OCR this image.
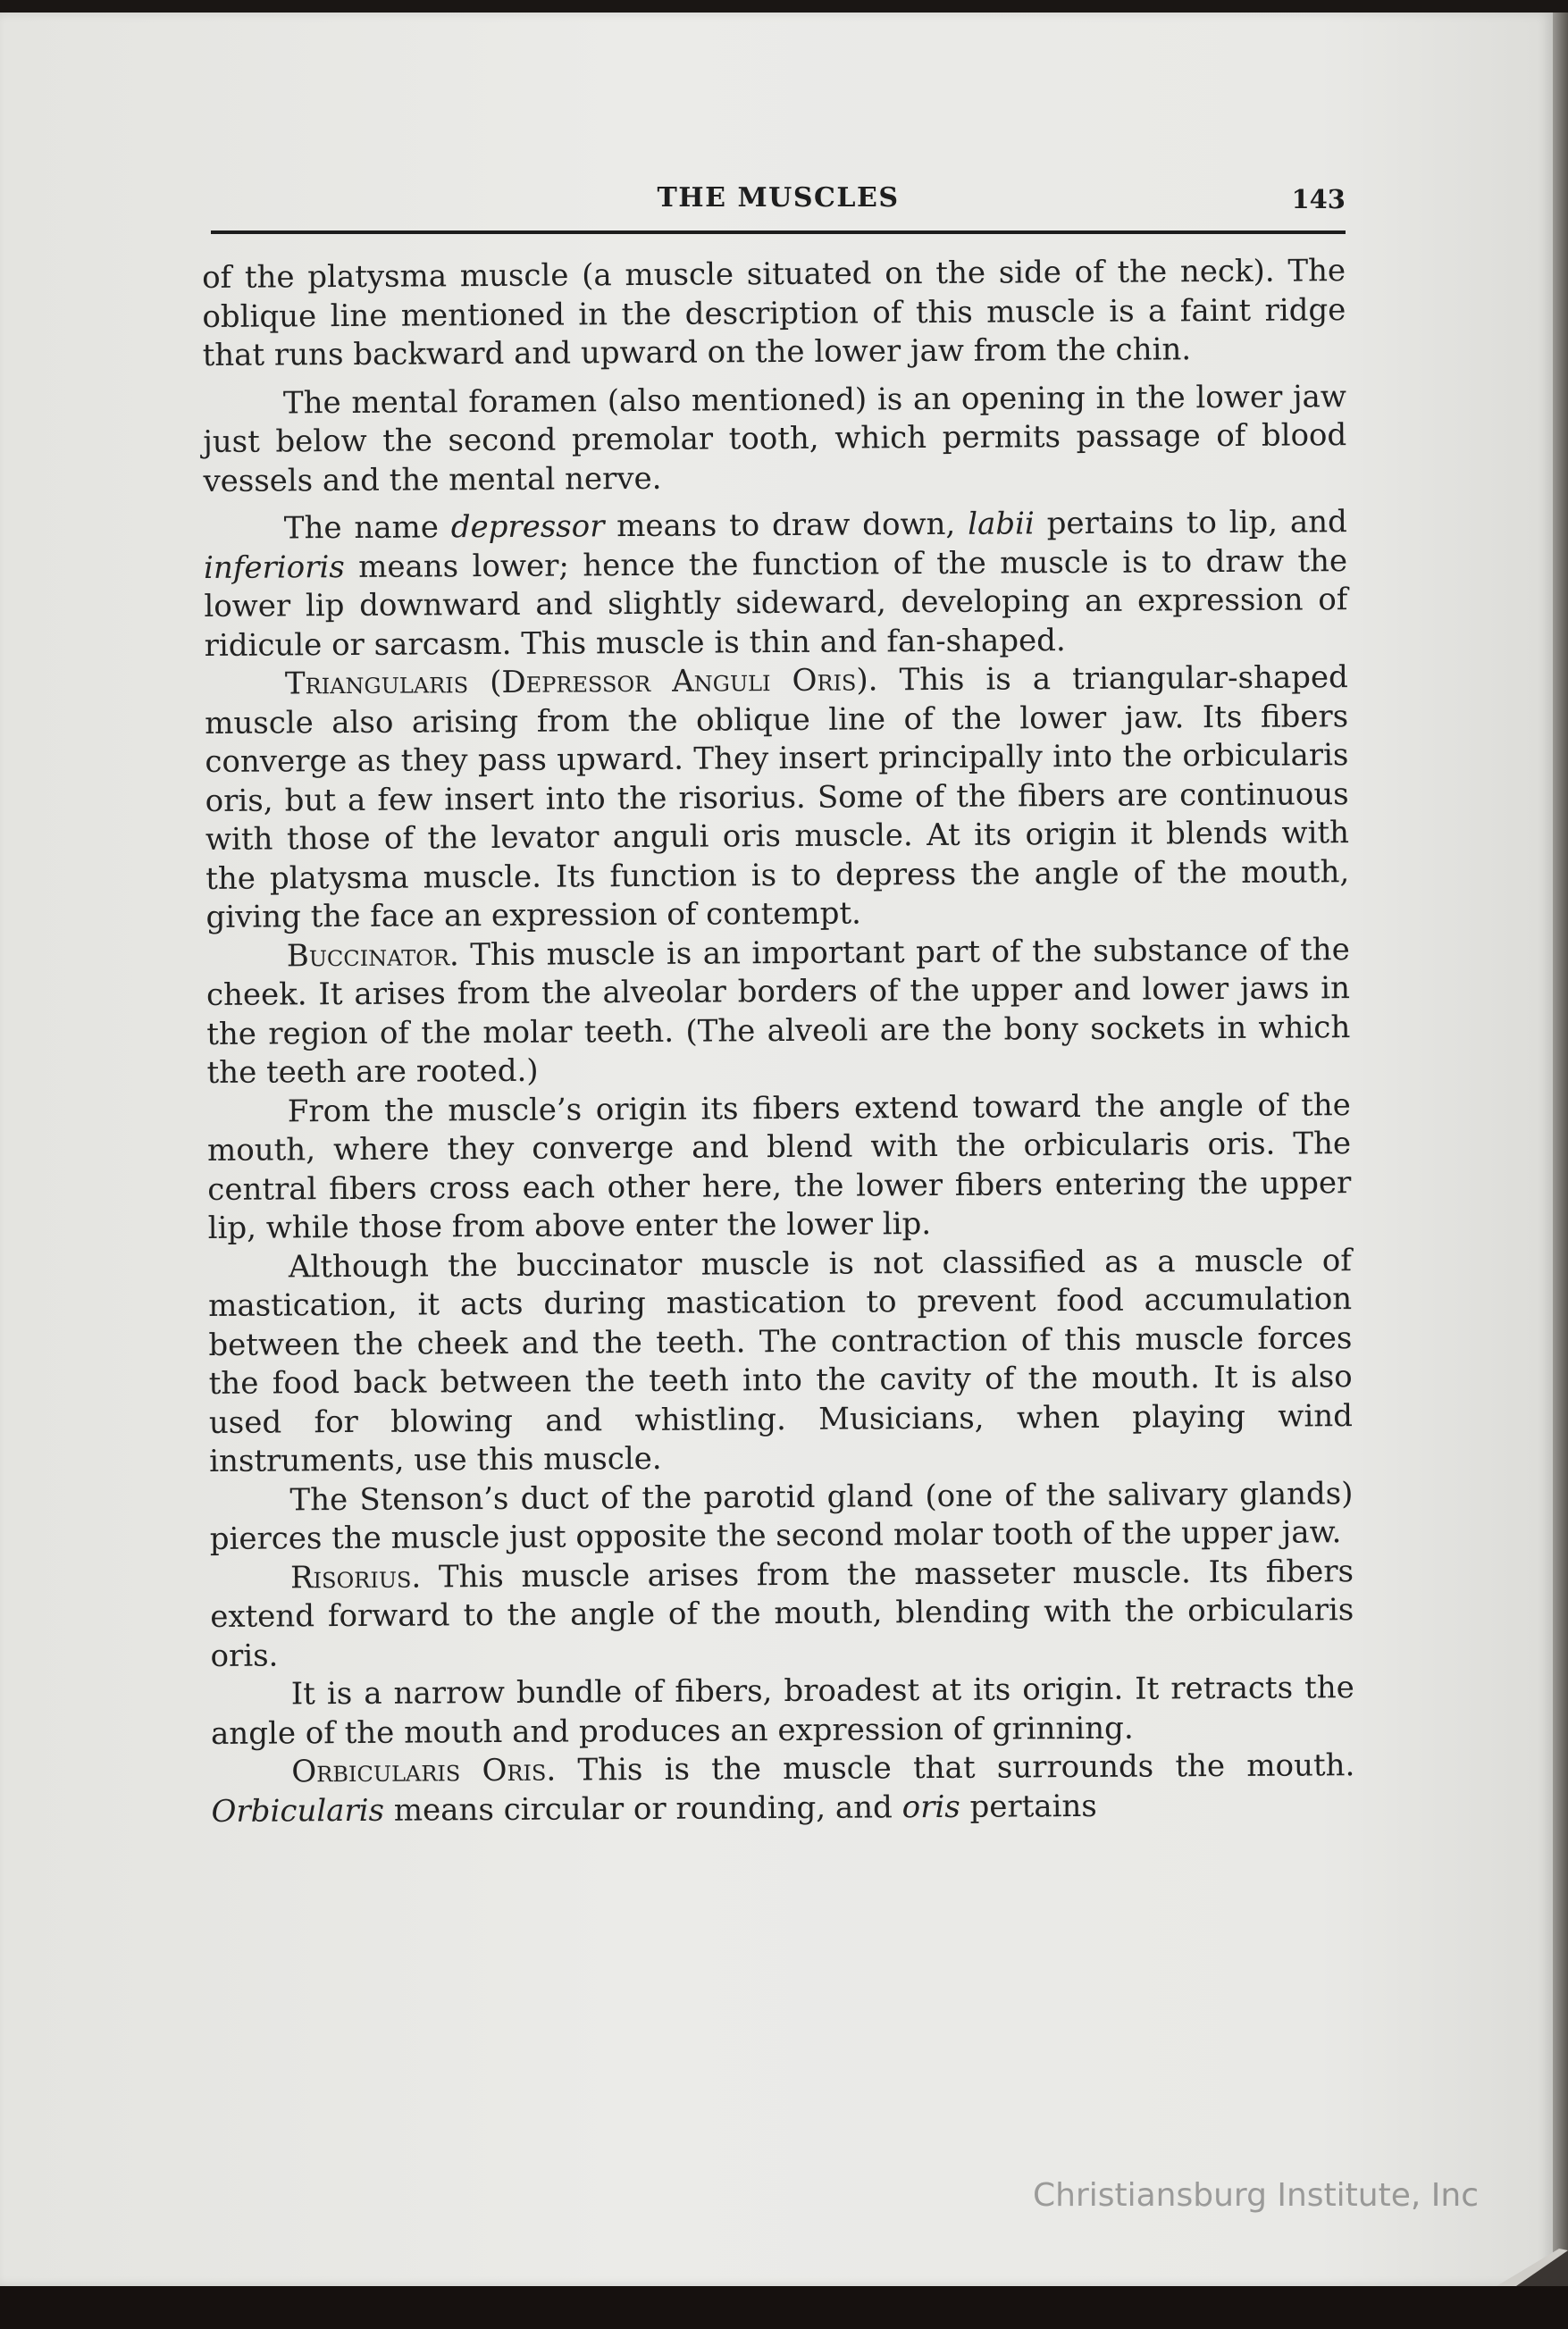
THE MUSCLES	143

of the platysma muscle (a muscle situated on the side of the neck). The oblique line mentioned in the description of this muscle is a faint ridge that runs backward and upward on the lower jaw from the chin.

The mental foramen (also mentioned) is an opening in the lower jaw just below the second premolar tooth, which permits passage of blood vessels and the mental nerve.

The name depressor means to draw down, labii pertains to lip, and inferioris means lower; hence the function of the muscle is to draw the lower lip downward and slightly sideward, developing an expression of ridicule or sarcasm. This muscle is thin and fan-shaped.

Triangularis (Depressor Anguli Oris). This is a triangular-shaped muscle also arising from the oblique line of the lower jaw. Its fibers converge as they pass upward. They insert principally into the orbicularis oris, but a few insert into the risorius. Some of the fibers are continuous with those of the levator anguli oris muscle. At its origin it blends with the platysma muscle. Its function is to depress the angle of the mouth, giving the face an expression of contempt.

Buccinator. This muscle is an important part of the substance of the cheek. It arises from the alveolar borders of the upper and lower jaws in the region of the molar teeth. (The alveoli are the bony sockets in which the teeth are rooted.)

From the muscle’s origin its fibers extend toward the angle of the mouth, where they converge and blend with the orbicularis oris. The central fibers cross each other here, the lower fibers entering the upper lip, while those from above enter the lower lip.

Although the buccinator muscle is not classified as a muscle of mastication, it acts during mastication to prevent food accumulation between the cheek and the teeth. The contraction of this muscle forces the food back between the teeth into the cavity of the mouth. It is also used for blowing and whistling. Musicians, when playing wind instruments, use this muscle.

The Stenson’s duct of the parotid gland (one of the salivary glands) pierces the muscle just opposite the second molar tooth of the upper jaw.

Risorius. This muscle arises from the masseter muscle. Its fibers extend forward to the angle of the mouth, blending with the orbicularis oris.

It is a narrow bundle of fibers, broadest at its origin. It retracts the angle of the mouth and produces an expression of grinning.

Orbicularis Oris. This is the muscle that surrounds the mouth. Orbicularis means circular or rounding, and oris pertains

Christiansburg Institute, Inc
